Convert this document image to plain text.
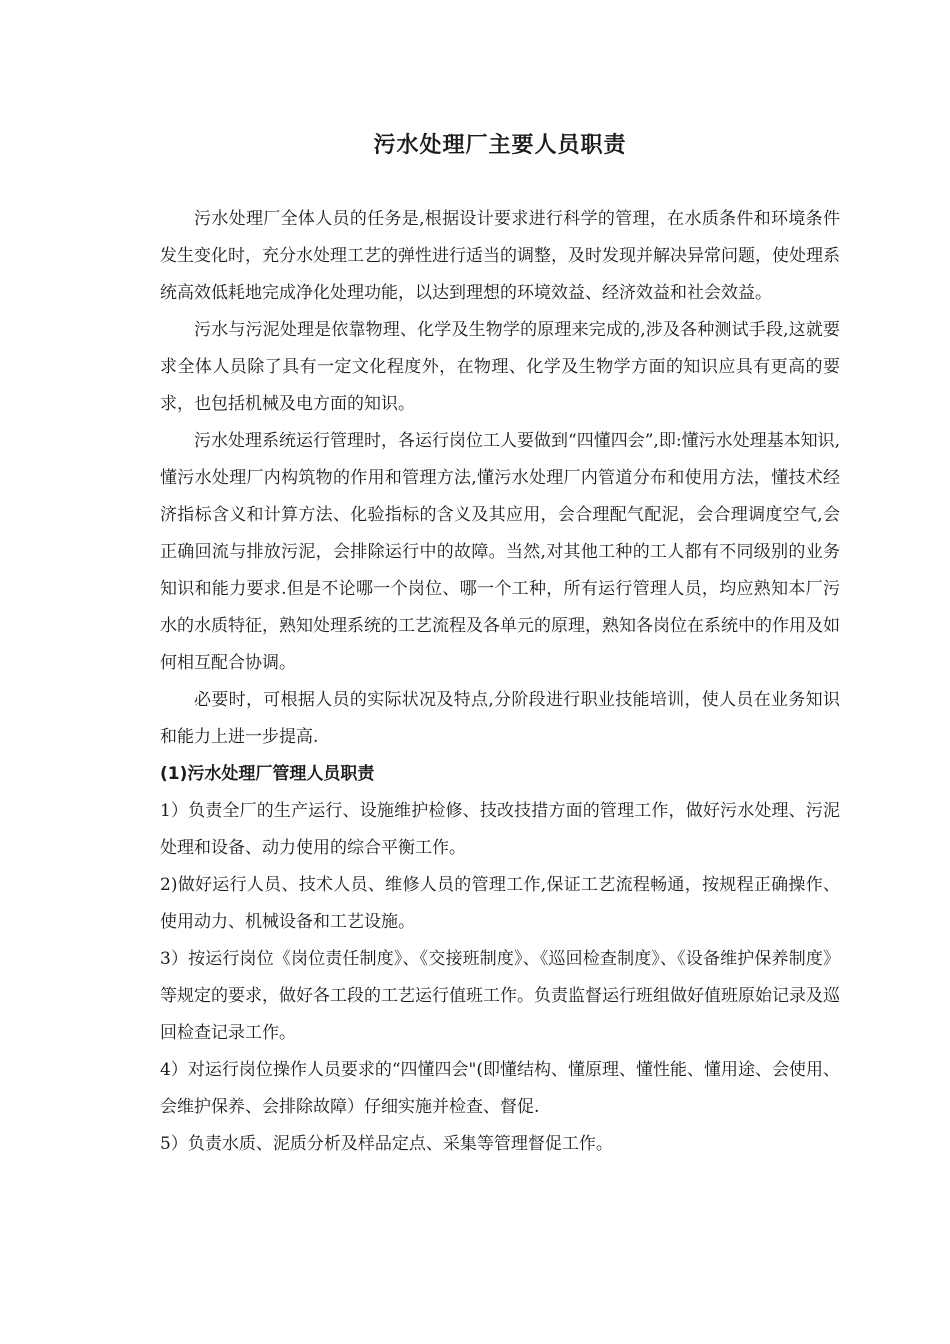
污水处理厂主要人员职责

污水处理厂全体人员的任务是,根据设计要求进行科学的管理，在水质条件和环境条件发生变化时，充分水处理工艺的弹性进行适当的调整，及时发现并解决异常问题，使处理系统高效低耗地完成净化处理功能，以达到理想的环境效益、经济效益和社会效益。

污水与污泥处理是依靠物理、化学及生物学的原理来完成的,涉及各种测试手段,这就要求全体人员除了具有一定文化程度外，在物理、化学及生物学方面的知识应具有更高的要求，也包括机械及电方面的知识。

污水处理系统运行管理时，各运行岗位工人要做到“四懂四会”,即:懂污水处理基本知识,懂污水处理厂内构筑物的作用和管理方法,懂污水处理厂内管道分布和使用方法，懂技术经济指标含义和计算方法、化验指标的含义及其应用，会合理配气配泥，会合理调度空气,会正确回流与排放污泥，会排除运行中的故障。当然,对其他工种的工人都有不同级别的业务知识和能力要求.但是不论哪一个岗位、哪一个工种，所有运行管理人员，均应熟知本厂污水的水质特征，熟知处理系统的工艺流程及各单元的原理，熟知各岗位在系统中的作用及如何相互配合协调。

必要时，可根据人员的实际状况及特点,分阶段进行职业技能培训，使人员在业务知识和能力上进一步提高.

(1)污水处理厂管理人员职责

1）负责全厂的生产运行、设施维护检修、技改技措方面的管理工作，做好污水处理、污泥处理和设备、动力使用的综合平衡工作。

2)做好运行人员、技术人员、维修人员的管理工作,保证工艺流程畅通，按规程正确操作、使用动力、机械设备和工艺设施。

3）按运行岗位《岗位责任制度》、《交接班制度》、《巡回检查制度》、《设备维护保养制度》等规定的要求，做好各工段的工艺运行值班工作。负责监督运行班组做好值班原始记录及巡回检查记录工作。

4）对运行岗位操作人员要求的“四懂四会"(即懂结构、懂原理、懂性能、懂用途、会使用、会维护保养、会排除故障）仔细实施并检查、督促.

5）负责水质、泥质分析及样品定点、采集等管理督促工作。
